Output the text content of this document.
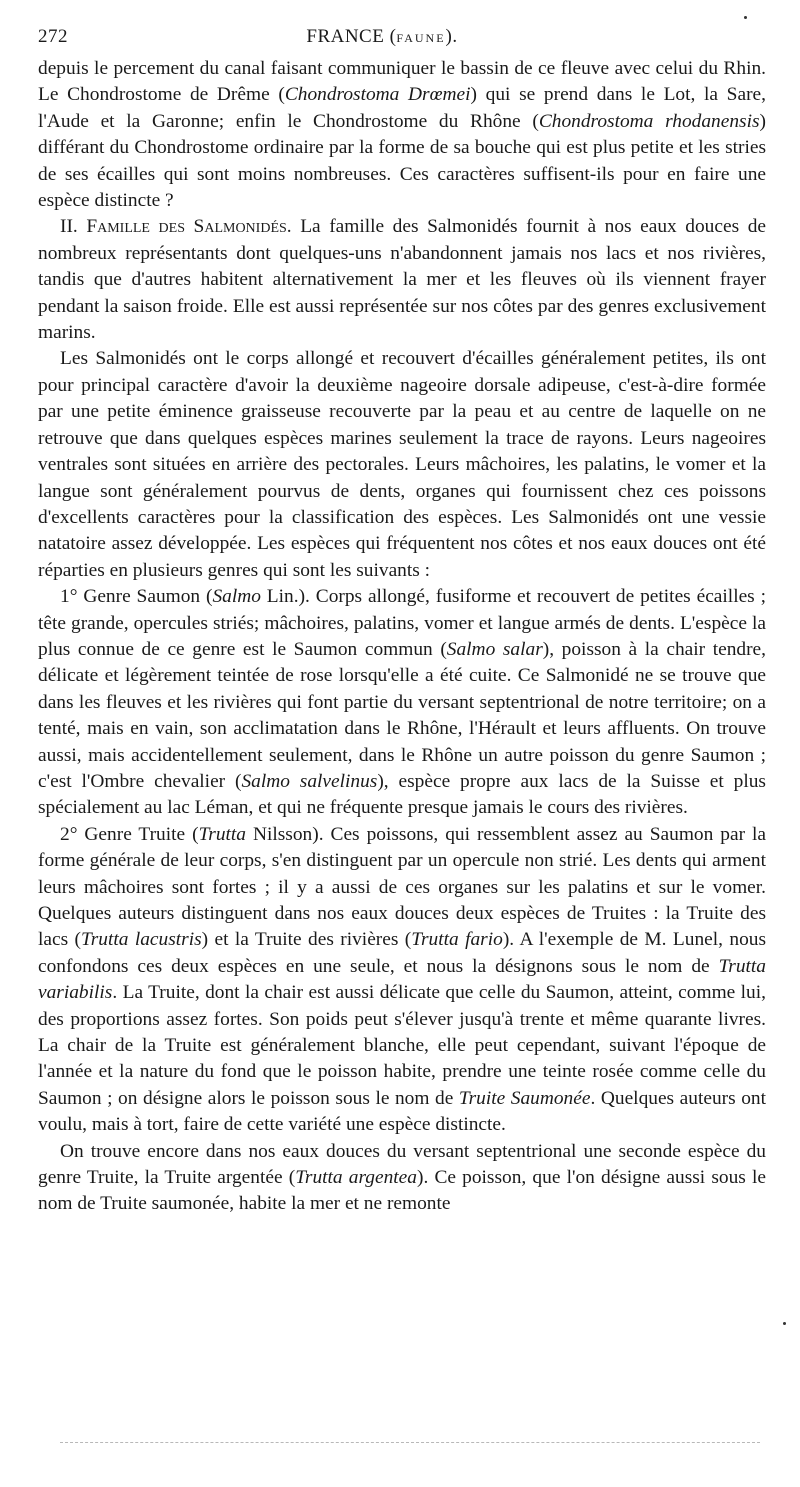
272	FRANCE (FAUNE).

depuis le percement du canal faisant communiquer le bassin de ce fleuve avec celui du Rhin. Le Chondrostome de Drême (Chondrostoma Drœmei) qui se prend dans le Lot, la Sare, l'Aude et la Garonne; enfin le Chondrostome du Rhône (Chondrostoma rhodanensis) différant du Chondrostome ordinaire par la forme de sa bouche qui est plus petite et les stries de ses écailles qui sont moins nombreuses. Ces caractères suffisent-ils pour en faire une espèce distincte ?

II. Famille des Salmonidés. La famille des Salmonidés fournit à nos eaux douces de nombreux représentants dont quelques-uns n'abandonnent jamais nos lacs et nos rivières, tandis que d'autres habitent alternativement la mer et les fleuves où ils viennent frayer pendant la saison froide. Elle est aussi représentée sur nos côtes par des genres exclusivement marins.

Les Salmonidés ont le corps allongé et recouvert d'écailles généralement petites, ils ont pour principal caractère d'avoir la deuxième nageoire dorsale adipeuse, c'est-à-dire formée par une petite éminence graisseuse recouverte par la peau et au centre de laquelle on ne retrouve que dans quelques espèces marines seulement la trace de rayons. Leurs nageoires ventrales sont situées en arrière des pectorales. Leurs mâchoires, les palatins, le vomer et la langue sont généralement pourvus de dents, organes qui fournissent chez ces poissons d'excellents caractères pour la classification des espèces. Les Salmonidés ont une vessie natatoire assez développée. Les espèces qui fréquentent nos côtes et nos eaux douces ont été réparties en plusieurs genres qui sont les suivants :

1° Genre Saumon (Salmo Lin.). Corps allongé, fusiforme et recouvert de petites écailles ; tête grande, opercules striés; mâchoires, palatins, vomer et langue armés de dents. L'espèce la plus connue de ce genre est le Saumon commun (Salmo salar), poisson à la chair tendre, délicate et légèrement teintée de rose lorsqu'elle a été cuite. Ce Salmonidé ne se trouve que dans les fleuves et les rivières qui font partie du versant septentrional de notre territoire; on a tenté, mais en vain, son acclimatation dans le Rhône, l'Hérault et leurs affluents. On trouve aussi, mais accidentellement seulement, dans le Rhône un autre poisson du genre Saumon ; c'est l'Ombre chevalier (Salmo salvelinus), espèce propre aux lacs de la Suisse et plus spécialement au lac Léman, et qui ne fréquente presque jamais le cours des rivières.

2° Genre Truite (Trutta Nilsson). Ces poissons, qui ressemblent assez au Saumon par la forme générale de leur corps, s'en distinguent par un opercule non strié. Les dents qui arment leurs mâchoires sont fortes ; il y a aussi de ces organes sur les palatins et sur le vomer. Quelques auteurs distinguent dans nos eaux douces deux espèces de Truites : la Truite des lacs (Trutta lacustris) et la Truite des rivières (Trutta fario). A l'exemple de M. Lunel, nous confondons ces deux espèces en une seule, et nous la désignons sous le nom de Trutta variabilis. La Truite, dont la chair est aussi délicate que celle du Saumon, atteint, comme lui, des proportions assez fortes. Son poids peut s'élever jusqu'à trente et même quarante livres. La chair de la Truite est généralement blanche, elle peut cependant, suivant l'époque de l'année et la nature du fond que le poisson habite, prendre une teinte rosée comme celle du Saumon ; on désigne alors le poisson sous le nom de Truite Saumonée. Quelques auteurs ont voulu, mais à tort, faire de cette variété une espèce distincte.

On trouve encore dans nos eaux douces du versant septentrional une seconde espèce du genre Truite, la Truite argentée (Trutta argentea). Ce poisson, que l'on désigne aussi sous le nom de Truite saumonée, habite la mer et ne remonte
